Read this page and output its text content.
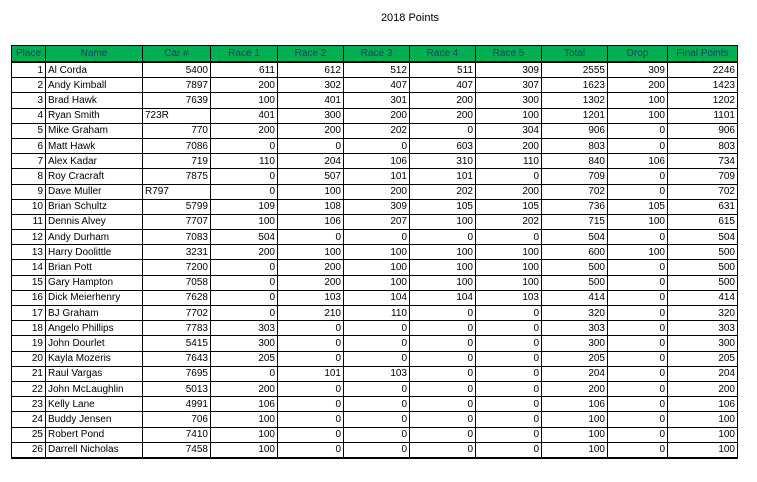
2018 Points
Place	Name	Car #	Race 1	Race 2	Race 3	Race 4	Race 5	Total	Drop	Final Points
1	Al Corda	5400	611	612	512	511	309	2555	309	2246
2	Andy Kimball	7897	200	302	407	407	307	1623	200	1423
3	Brad Hawk	7639	100	401	301	200	300	1302	100	1202
4	Ryan Smith	723R	401	300	200	200	100	1201	100	1101
5	Mike Graham	770	200	200	202	0	304	906	0	906
6	Matt Hawk	7086	0	0	0	603	200	803	0	803
7	Alex Kadar	719	110	204	106	310	110	840	106	734
8	Roy Cracraft	7875	0	507	101	101	0	709	0	709
9	Dave Muller	R797	0	100	200	202	200	702	0	702
10	Brian Schultz	5799	109	108	309	105	105	736	105	631
11	Dennis Alvey	7707	100	106	207	100	202	715	100	615
12	Andy Durham	7083	504	0	0	0	0	504	0	504
13	Harry Doolittle	3231	200	100	100	100	100	600	100	500
14	Brian Pott	7200	0	200	100	100	100	500	0	500
15	Gary Hampton	7058	0	200	100	100	100	500	0	500
16	Dick Meierhenry	7628	0	103	104	104	103	414	0	414
17	BJ Graham	7702	0	210	110	0	0	320	0	320
18	Angelo Phillips	7783	303	0	0	0	0	303	0	303
19	John Dourlet	5415	300	0	0	0	0	300	0	300
20	Kayla Mozeris	7643	205	0	0	0	0	205	0	205
21	Raul Vargas	7695	0	101	103	0	0	204	0	204
22	John McLaughlin	5013	200	0	0	0	0	200	0	200
23	Kelly Lane	4991	106	0	0	0	0	106	0	106
24	Buddy Jensen	706	100	0	0	0	0	100	0	100
25	Robert Pond	7410	100	0	0	0	0	100	0	100
26	Darrell Nicholas	7458	100	0	0	0	0	100	0	100
